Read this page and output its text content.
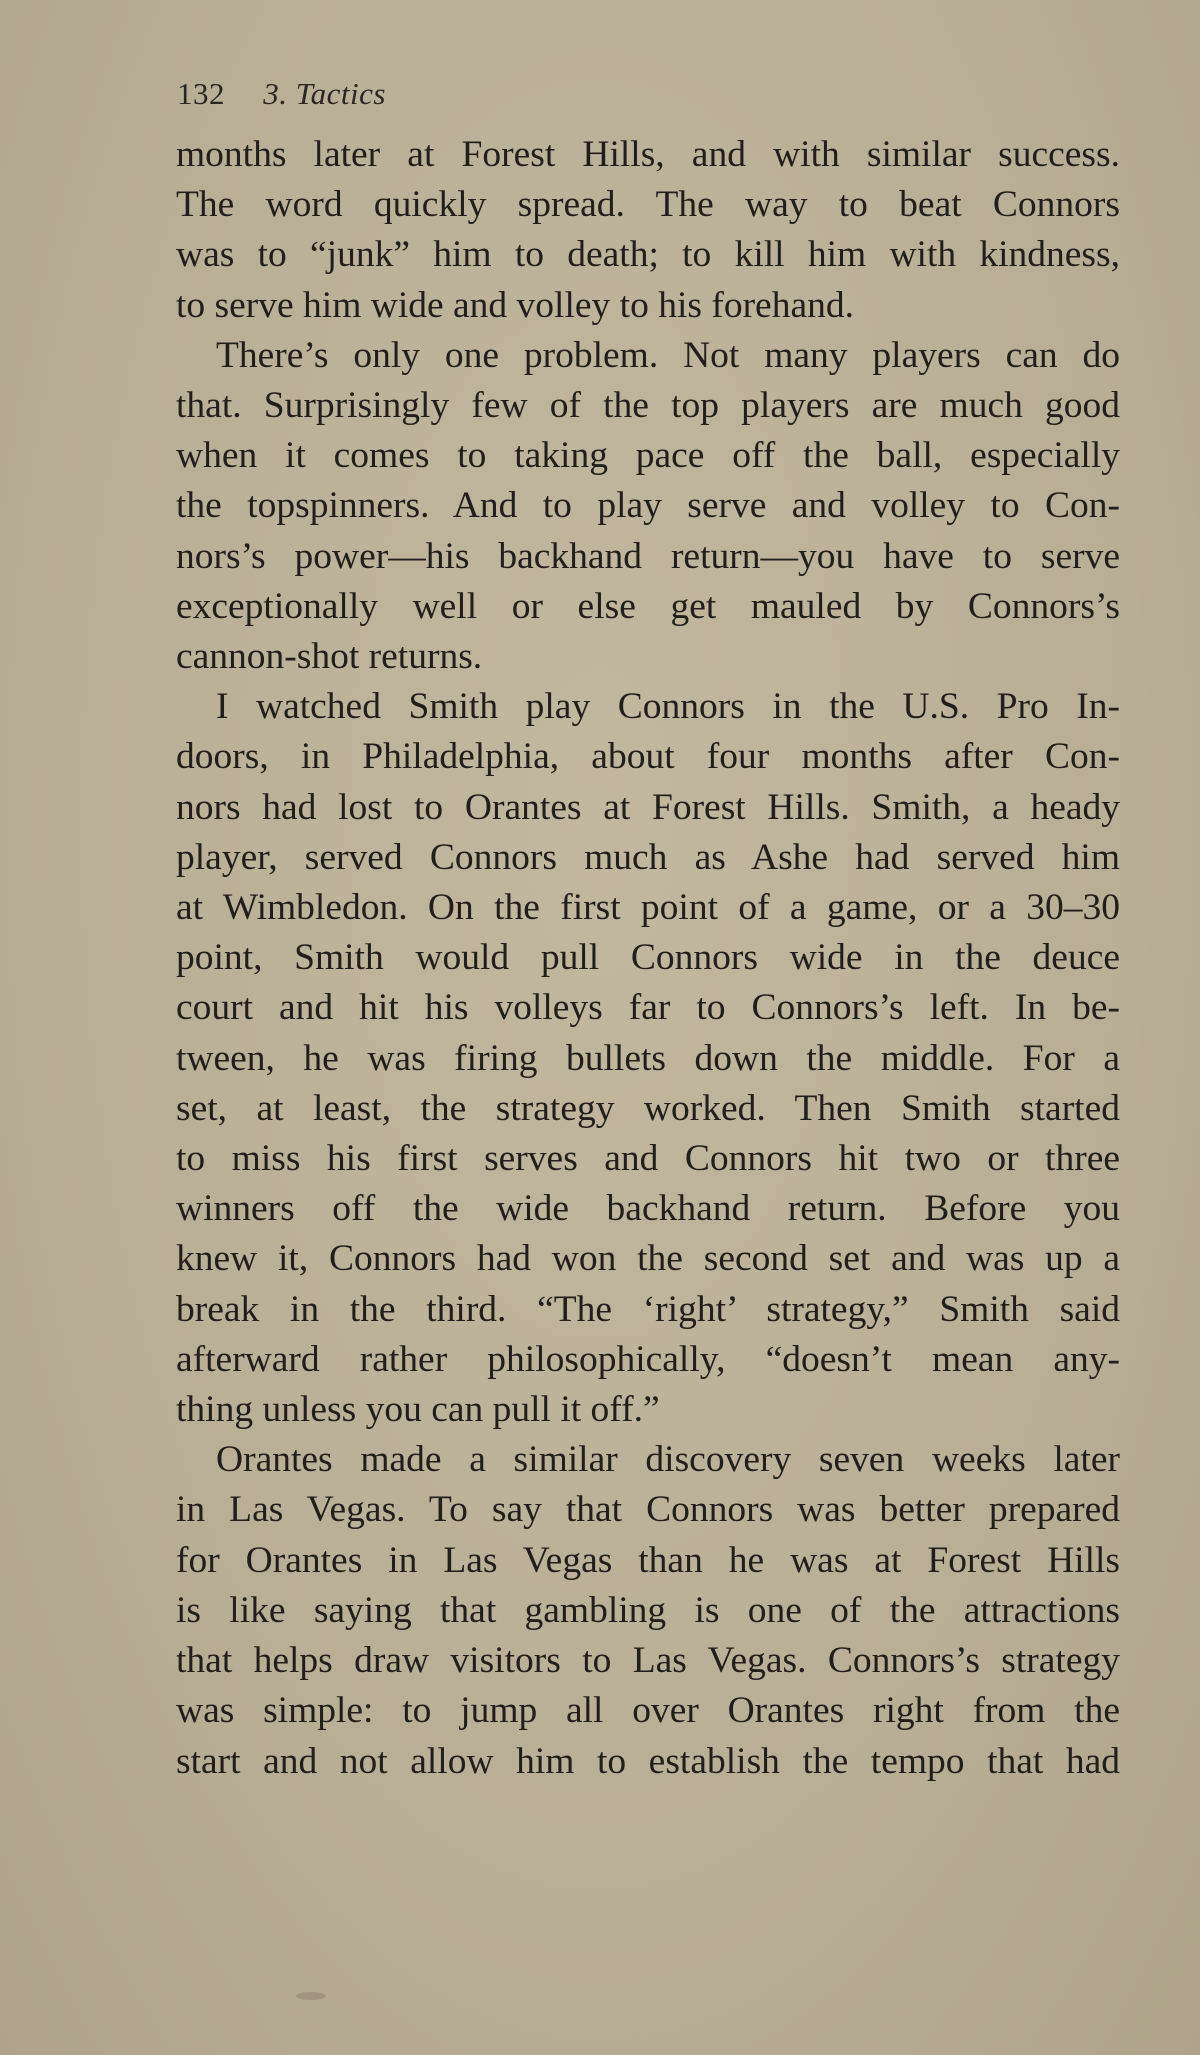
132 3. Tactics

months later at Forest Hills, and with similar success.
The word quickly spread. The way to beat Connors
was to “junk” him to death; to kill him with kindness,
to serve him wide and volley to his forehand.

There’s only one problem. Not many players can do
that. Surprisingly few of the top players are much good
when it comes to taking pace off the ball, especially
the topspinners. And to play serve and volley to Con-
nors’s power—his backhand return—you have to serve
exceptionally well or else get mauled by Connors’s
cannon-shot returns.

I watched Smith play Connors in the U.S. Pro In-
doors, in Philadelphia, about four months after Con-
nors had lost to Orantes at Forest Hills. Smith, a heady
player, served Connors much as Ashe had served him
at Wimbledon. On the first point of a game, or a 30–30
point, Smith would pull Connors wide in the deuce
court and hit his volleys far to Connors’s left. In be-
tween, he was firing bullets down the middle. For a
set, at least, the strategy worked. Then Smith started
to miss his first serves and Connors hit two or three
winners off the wide backhand return. Before you
knew it, Connors had won the second set and was up a
break in the third. “The ‘right’ strategy,” Smith said
afterward rather philosophically, “doesn’t mean any-
thing unless you can pull it off.”

Orantes made a similar discovery seven weeks later
in Las Vegas. To say that Connors was better prepared
for Orantes in Las Vegas than he was at Forest Hills
is like saying that gambling is one of the attractions
that helps draw visitors to Las Vegas. Connors’s strategy
was simple: to jump all over Orantes right from the
start and not allow him to establish the tempo that had
